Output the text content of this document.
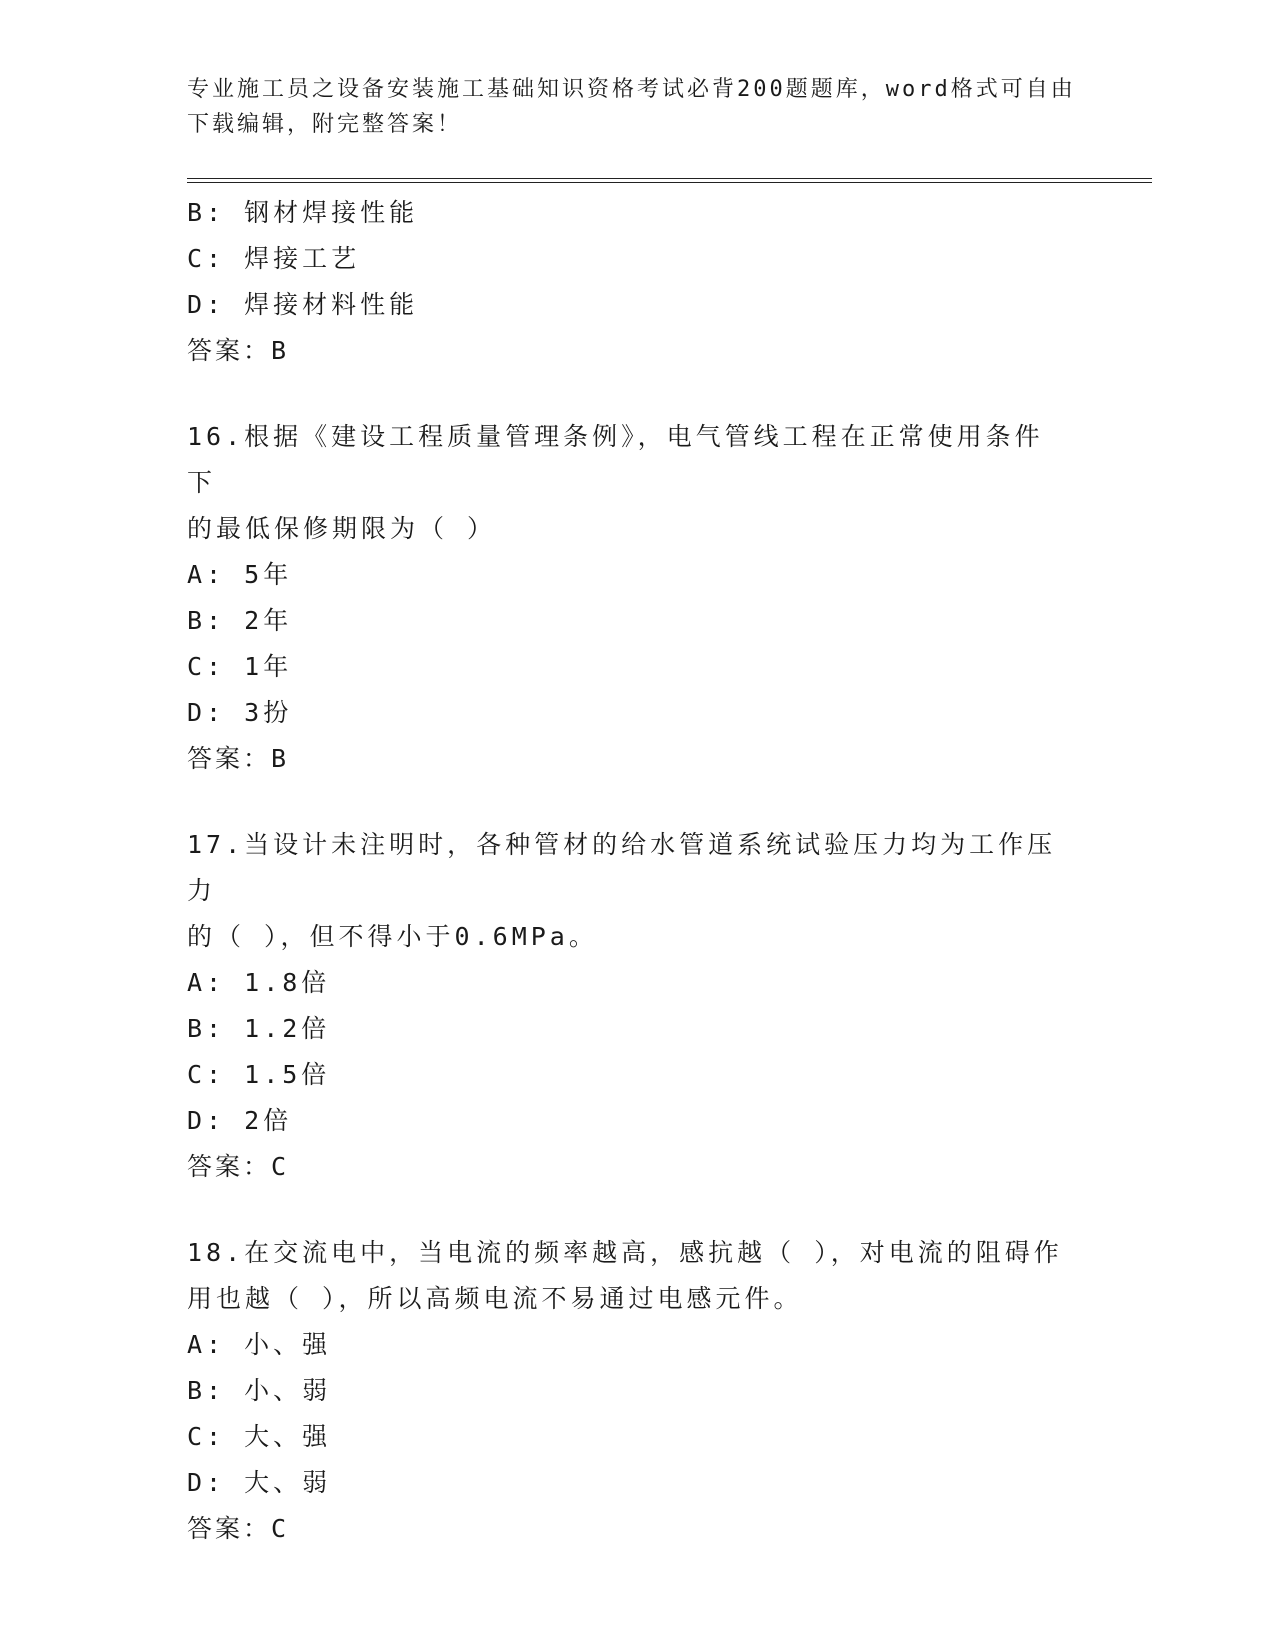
专业施工员之设备安装施工基础知识资格考试必背200题题库，word格式可自由
下载编辑，附完整答案！
B: 钢材焊接性能
C: 焊接工艺
D: 焊接材料性能
答案：B
16.根据《建设工程质量管理条例》，电气管线工程在正常使用条件下
的最低保修期限为（ ）
A: 5年
B: 2年
C: 1年
D: 3扮
答案：B
17.当设计未注明时，各种管材的给水管道系统试验压力均为工作压力
的（ ），但不得小于0.6MPa。
A: 1.8倍
B: 1.2倍
C: 1.5倍
D: 2倍
答案：C
18.在交流电中，当电流的频率越高，感抗越（ ），对电流的阻碍作
用也越（ ），所以高频电流不易通过电感元件。
A: 小、强
B: 小、弱
C: 大、强
D: 大、弱
答案：C
